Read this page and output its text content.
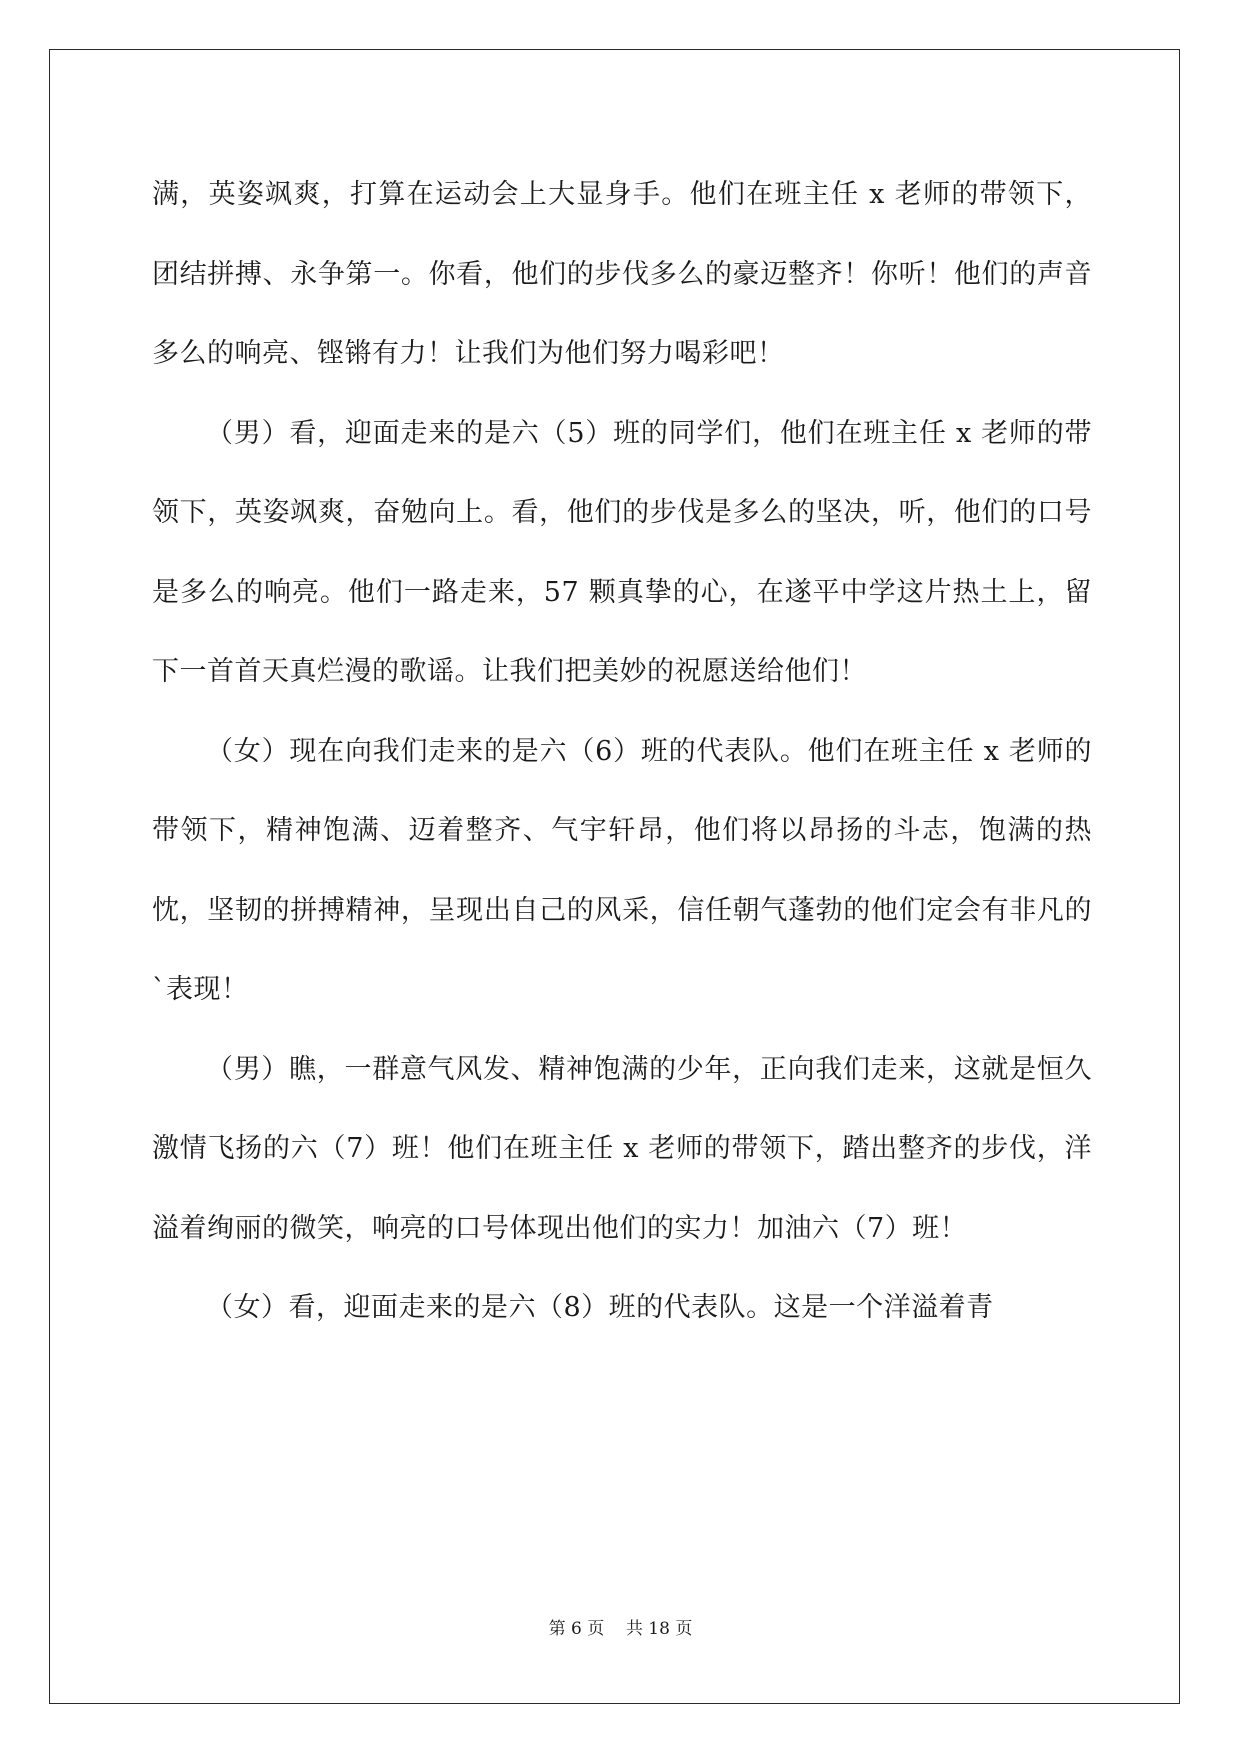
满，英姿飒爽，打算在运动会上大显身手。他们在班主任 x 老师的带领下，团结拼搏、永争第一。你看，他们的步伐多么的豪迈整齐！你听！他们的声音多么的响亮、铿锵有力！让我们为他们努力喝彩吧！

（男）看，迎面走来的是六（5）班的同学们，他们在班主任 x 老师的带领下，英姿飒爽，奋勉向上。看，他们的步伐是多么的坚决，听，他们的口号是多么的响亮。他们一路走来，57 颗真挚的心，在遂平中学这片热土上，留下一首首天真烂漫的歌谣。让我们把美妙的祝愿送给他们！

（女）现在向我们走来的是六（6）班的代表队。他们在班主任 x 老师的带领下，精神饱满、迈着整齐、气宇轩昂，他们将以昂扬的斗志，饱满的热忱，坚韧的拼搏精神，呈现出自己的风采，信任朝气蓬勃的他们定会有非凡的`表现！

（男）瞧，一群意气风发、精神饱满的少年，正向我们走来，这就是恒久激情飞扬的六（7）班！他们在班主任 x 老师的带领下，踏出整齐的步伐，洋溢着绚丽的微笑，响亮的口号体现出他们的实力！加油六（7）班！

（女）看，迎面走来的是六（8）班的代表队。这是一个洋溢着青

第 6 页 共 18 页
